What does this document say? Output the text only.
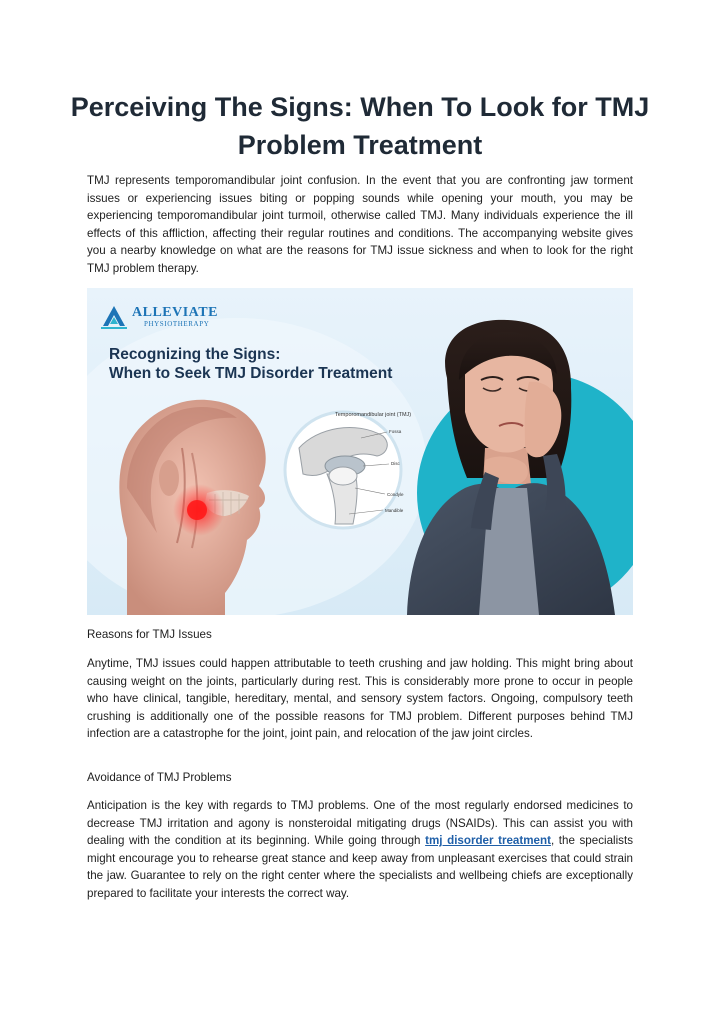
Perceiving The Signs: When To Look for TMJ Problem Treatment

TMJ represents temporomandibular joint confusion. In the event that you are confronting jaw torment issues or experiencing issues biting or popping sounds while opening your mouth, you may be experiencing temporomandibular joint turmoil, otherwise called TMJ. Many individuals experience the ill effects of this affliction, affecting their regular routines and conditions. The accompanying website gives you a nearby knowledge on what are the reasons for TMJ issue sickness and when to look for the right TMJ problem therapy.

Temporomandibular joint (TMJ)
Fossa
Disc
Condyle
Mandible
ALLEVIATE
PHYSIOTHERAPY
Recognizing the Signs:
When to Seek TMJ Disorder Treatment

Reasons for TMJ Issues

Anytime, TMJ issues could happen attributable to teeth crushing and jaw holding. This might bring about causing weight on the joints, particularly during rest. This is considerably more prone to occur in people who have clinical, tangible, hereditary, mental, and sensory system factors. Ongoing, compulsory teeth crushing is additionally one of the possible reasons for TMJ problem. Different purposes behind TMJ infection are a catastrophe for the joint, joint pain, and relocation of the jaw joint circles.

Avoidance of TMJ Problems

Anticipation is the key with regards to TMJ problems. One of the most regularly endorsed medicines to decrease TMJ irritation and agony is nonsteroidal mitigating drugs (NSAIDs). This can assist you with dealing with the condition at its beginning. While going through tmj disorder treatment, the specialists might encourage you to rehearse great stance and keep away from unpleasant exercises that could strain the jaw. Guarantee to rely on the right center where the specialists and wellbeing chiefs are exceptionally prepared to facilitate your interests the correct way.
